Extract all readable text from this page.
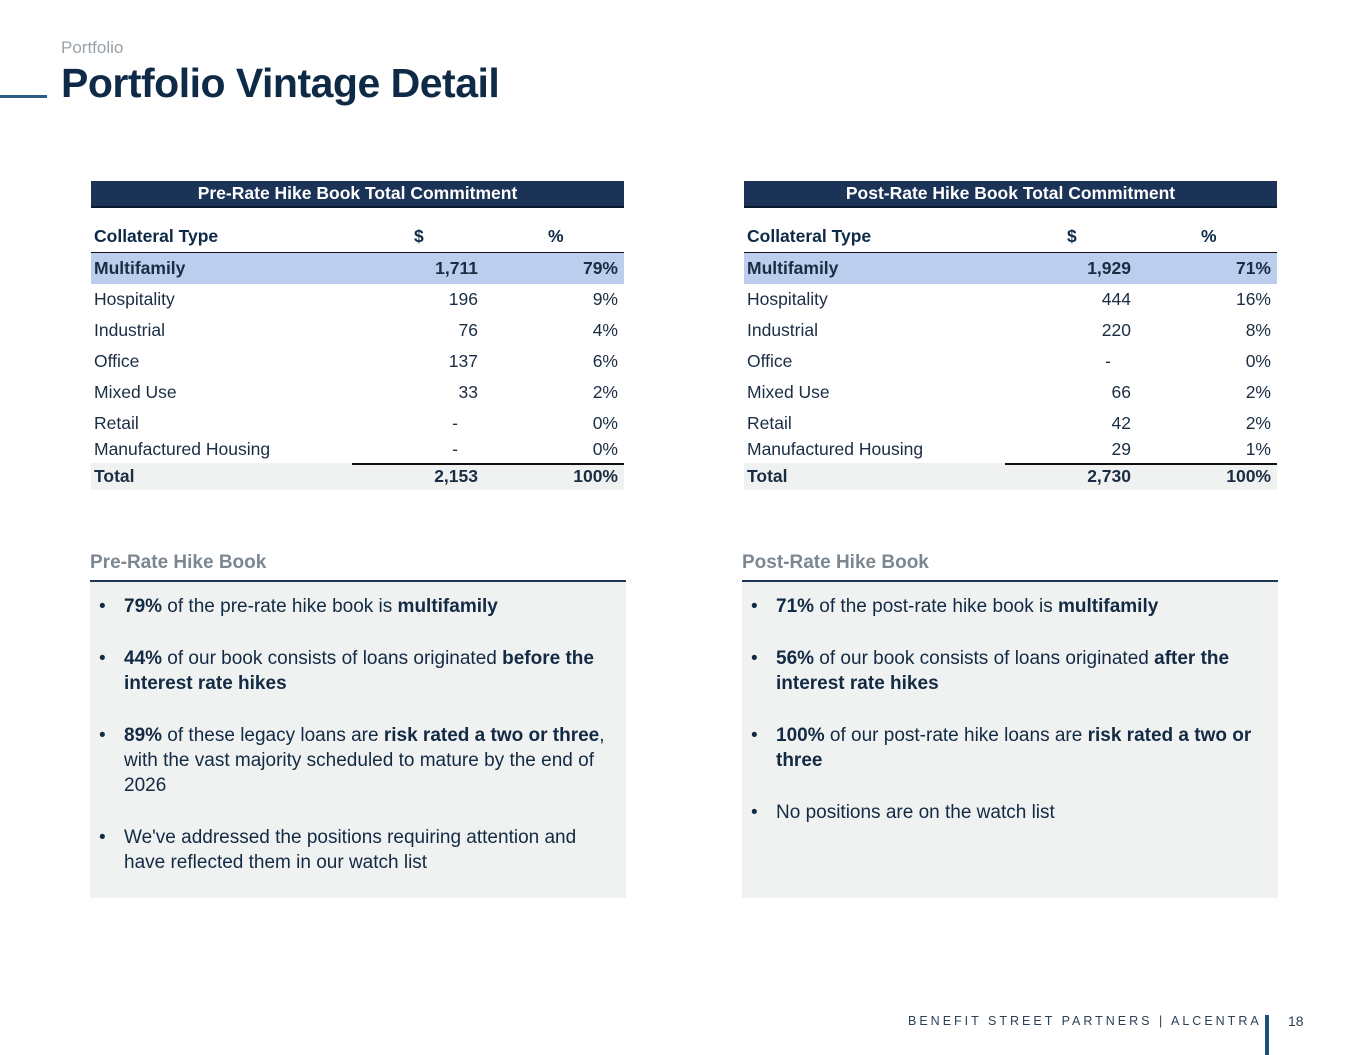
Portfolio
Portfolio Vintage Detail
Pre-Rate Hike Book Total Commitment
Collateral Type	$	%
Multifamily	1,711	79%
Hospitality	196	9%
Industrial	76	4%
Office	137	6%
Mixed Use	33	2%
Retail	-	0%
Manufactured Housing	-	0%
Total	2,153	100%
Post-Rate Hike Book Total Commitment
Collateral Type	$	%
Multifamily	1,929	71%
Hospitality	444	16%
Industrial	220	8%
Office	-	0%
Mixed Use	66	2%
Retail	42	2%
Manufactured Housing	29	1%
Total	2,730	100%
Pre-Rate Hike Book
• 79% of the pre-rate hike book is multifamily
• 44% of our book consists of loans originated before the interest rate hikes
• 89% of these legacy loans are risk rated a two or three, with the vast majority scheduled to mature by the end of 2026
• We've addressed the positions requiring attention and have reflected them in our watch list
Post-Rate Hike Book
• 71% of the post-rate hike book is multifamily
• 56% of our book consists of loans originated after the interest rate hikes
• 100% of our post-rate hike loans are risk rated a two or three
• No positions are on the watch list
BENEFIT STREET PARTNERS | ALCENTRA 18
